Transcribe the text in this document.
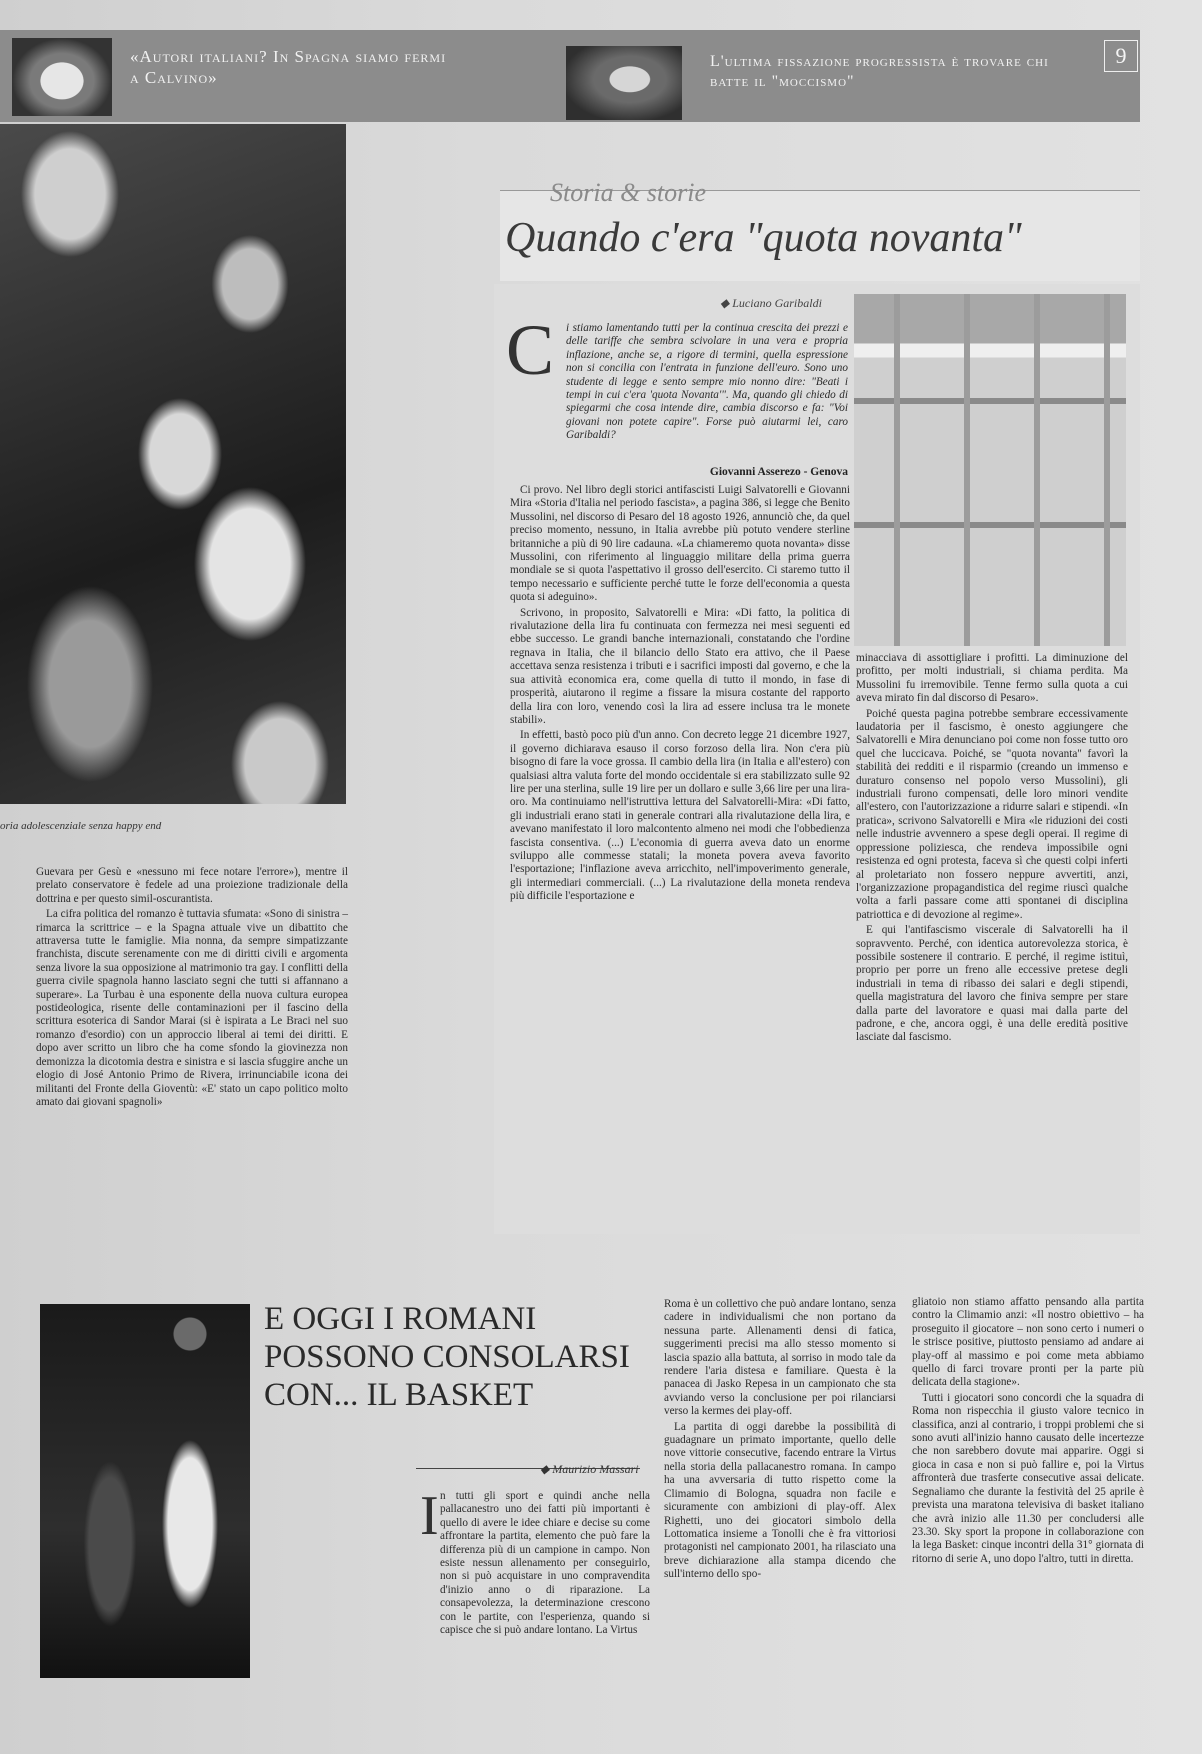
«Autori italiani? In Spagna siamo fermi a Calvino»
L'ultima fissazione progressista è trovare chi batte il "moccismo"
9
oria adolescenziale senza happy end

Guevara per Gesù e «nessuno mi fece notare l'errore»), mentre il prelato conservatore è fedele ad una proiezione tradizionale della dottrina e per questo simil-oscurantista.

La cifra politica del romanzo è tuttavia sfumata: «Sono di sinistra – rimarca la scrittrice – e la Spagna attuale vive un dibattito che attraversa tutte le famiglie. Mia nonna, da sempre simpatizzante franchista, discute serenamente con me di diritti civili e argomenta senza livore la sua opposizione al matrimonio tra gay. I conflitti della guerra civile spagnola hanno lasciato segni che tutti si affannano a superare». La Turbau è una esponente della nuova cultura europea postideologica, risente delle contaminazioni per il fascino della scrittura esoterica di Sandor Marai (si è ispirata a Le Braci nel suo romanzo d'esordio) con un approccio liberal ai temi dei diritti. E dopo aver scritto un libro che ha come sfondo la giovinezza non demonizza la dicotomia destra e sinistra e si lascia sfuggire anche un elogio di José Antonio Primo de Rivera, irrinunciabile icona dei militanti del Fronte della Gioventù: «E' stato un capo politico molto amato dai giovani spagnoli»

Storia & storie
Quando c'era "quota novanta"
◆ Luciano Garibaldi
C i stiamo lamentando tutti per la continua crescita dei prezzi e delle tariffe che sembra scivolare in una vera e propria inflazione, anche se, a rigore di termini, quella espressione non si concilia con l'entrata in funzione dell'euro. Sono uno studente di legge e sento sempre mio nonno dire: "Beati i tempi in cui c'era 'quota Novanta'". Ma, quando gli chiedo di spiegarmi che cosa intende dire, cambia discorso e fa: "Voi giovani non potete capire". Forse può aiutarmi lei, caro Garibaldi?

Giovanni Asserezo - Genova

Ci provo. Nel libro degli storici antifascisti Luigi Salvatorelli e Giovanni Mira «Storia d'Italia nel periodo fascista», a pagina 386, si legge che Benito Mussolini, nel discorso di Pesaro del 18 agosto 1926, annunciò che, da quel preciso momento, nessuno, in Italia avrebbe più potuto vendere sterline britanniche a più di 90 lire cadauna. «La chiameremo quota novanta» disse Mussolini, con riferimento al linguaggio militare della prima guerra mondiale se si quota l'aspettativo il grosso dell'esercito. Ci staremo tutto il tempo necessario e sufficiente perché tutte le forze dell'economia a questa quota si adeguino».

Scrivono, in proposito, Salvatorelli e Mira: «Di fatto, la politica di rivalutazione della lira fu continuata con fermezza nei mesi seguenti ed ebbe successo. Le grandi banche internazionali, constatando che l'ordine regnava in Italia, che il bilancio dello Stato era attivo, che il Paese accettava senza resistenza i tributi e i sacrifici imposti dal governo, e che la sua attività economica era, come quella di tutto il mondo, in fase di prosperità, aiutarono il regime a fissare la misura costante del rapporto della lira con loro, venendo così la lira ad essere inclusa tra le monete stabili».

In effetti, bastò poco più d'un anno. Con decreto legge 21 dicembre 1927, il governo dichiarava esauso il corso forzoso della lira. Non c'era più bisogno di fare la voce grossa. Il cambio della lira (in Italia e all'estero) con qualsiasi altra valuta forte del mondo occidentale si era stabilizzato sulle 92 lire per una sterlina, sulle 19 lire per un dollaro e sulle 3,66 lire per una lira-oro. Ma continuiamo nell'istruttiva lettura del Salvatorelli-Mira: «Di fatto, gli industriali erano stati in generale contrari alla rivalutazione della lira, e avevano manifestato il loro malcontento almeno nei modi che l'obbedienza fascista consentiva. (...) L'economia di guerra aveva dato un enorme sviluppo alle commesse statali; la moneta povera aveva favorito l'esportazione; l'inflazione aveva arricchito, nell'impoverimento generale, gli intermediari commerciali. (...) La rivalutazione della moneta rendeva più difficile l'esportazione e

minacciava di assottigliare i profitti. La diminuzione del profitto, per molti industriali, si chiama perdita. Ma Mussolini fu irremovibile. Tenne fermo sulla quota a cui aveva mirato fin dal discorso di Pesaro».

Poiché questa pagina potrebbe sembrare eccessivamente laudatoria per il fascismo, è onesto aggiungere che Salvatorelli e Mira denunciano poi come non fosse tutto oro quel che luccicava. Poiché, se "quota novanta" favorì la stabilità dei redditi e il risparmio (creando un immenso e duraturo consenso nel popolo verso Mussolini), gli industriali furono compensati, delle loro minori vendite all'estero, con l'autorizzazione a ridurre salari e stipendi. «In pratica», scrivono Salvatorelli e Mira «le riduzioni dei costi nelle industrie avvennero a spese degli operai. Il regime di oppressione poliziesca, che rendeva impossibile ogni resistenza ed ogni protesta, faceva sì che questi colpi inferti al proletariato non fossero neppure avvertiti, anzi, l'organizzazione propagandistica del regime riuscì qualche volta a farli passare come atti spontanei di disciplina patriottica e di devozione al regime».

E qui l'antifascismo viscerale di Salvatorelli ha il sopravvento. Perché, con identica autorevolezza storica, è possibile sostenere il contrario. E perché, il regime istituì, proprio per porre un freno alle eccessive pretese degli industriali in tema di ribasso dei salari e degli stipendi, quella magistratura del lavoro che finiva sempre per stare dalla parte del lavoratore e quasi mai dalla parte del padrone, e che, ancora oggi, è una delle eredità positive lasciate dal fascismo.

E OGGI I ROMANI
POSSONO CONSOLARSI
CON... IL BASKET
◆ Maurizio Massari
I n tutti gli sport e quindi anche nella pallacanestro uno dei fatti più importanti è quello di avere le idee chiare e decise su come affrontare la partita, elemento che può fare la differenza più di un campione in campo. Non esiste nessun allenamento per conseguirlo, non si può acquistare in uno compravendita d'inizio anno o di riparazione. La consapevolezza, la determinazione crescono con le partite, con l'esperienza, quando si capisce che si può andare lontano. La Virtus

Roma è un collettivo che può andare lontano, senza cadere in individualismi che non portano da nessuna parte. Allenamenti densi di fatica, suggerimenti precisi ma allo stesso momento si lascia spazio alla battuta, al sorriso in modo tale da rendere l'aria distesa e familiare. Questa è la panacea di Jasko Repesa in un campionato che sta avviando verso la conclusione per poi rilanciarsi verso la kermes dei play-off.

La partita di oggi darebbe la possibilità di guadagnare un primato importante, quello delle nove vittorie consecutive, facendo entrare la Virtus nella storia della pallacanestro romana. In campo ha una avversaria di tutto rispetto come la Climamio di Bologna, squadra non facile e sicuramente con ambizioni di play-off. Alex Righetti, uno dei giocatori simbolo della Lottomatica insieme a Tonolli che è fra vittoriosi protagonisti nel campionato 2001, ha rilasciato una breve dichiarazione alla stampa dicendo che sull'interno dello spo-

gliatoio non stiamo affatto pensando alla partita contro la Climamio anzi: «Il nostro obiettivo – ha proseguito il giocatore – non sono certo i numeri o le strisce positive, piuttosto pensiamo ad andare ai play-off al massimo e poi come meta abbiamo quello di farci trovare pronti per la parte più delicata della stagione».

Tutti i giocatori sono concordi che la squadra di Roma non rispecchia il giusto valore tecnico in classifica, anzi al contrario, i troppi problemi che si sono avuti all'inizio hanno causato delle incertezze che non sarebbero dovute mai apparire. Oggi si gioca in casa e non si può fallire e, poi la Virtus affronterà due trasferte consecutive assai delicate. Segnaliamo che durante la festività del 25 aprile è prevista una maratona televisiva di basket italiano che avrà inizio alle 11.30 per concludersi alle 23.30. Sky sport la propone in collaborazione con la lega Basket: cinque incontri della 31° giornata di ritorno di serie A, uno dopo l'altro, tutti in diretta.
